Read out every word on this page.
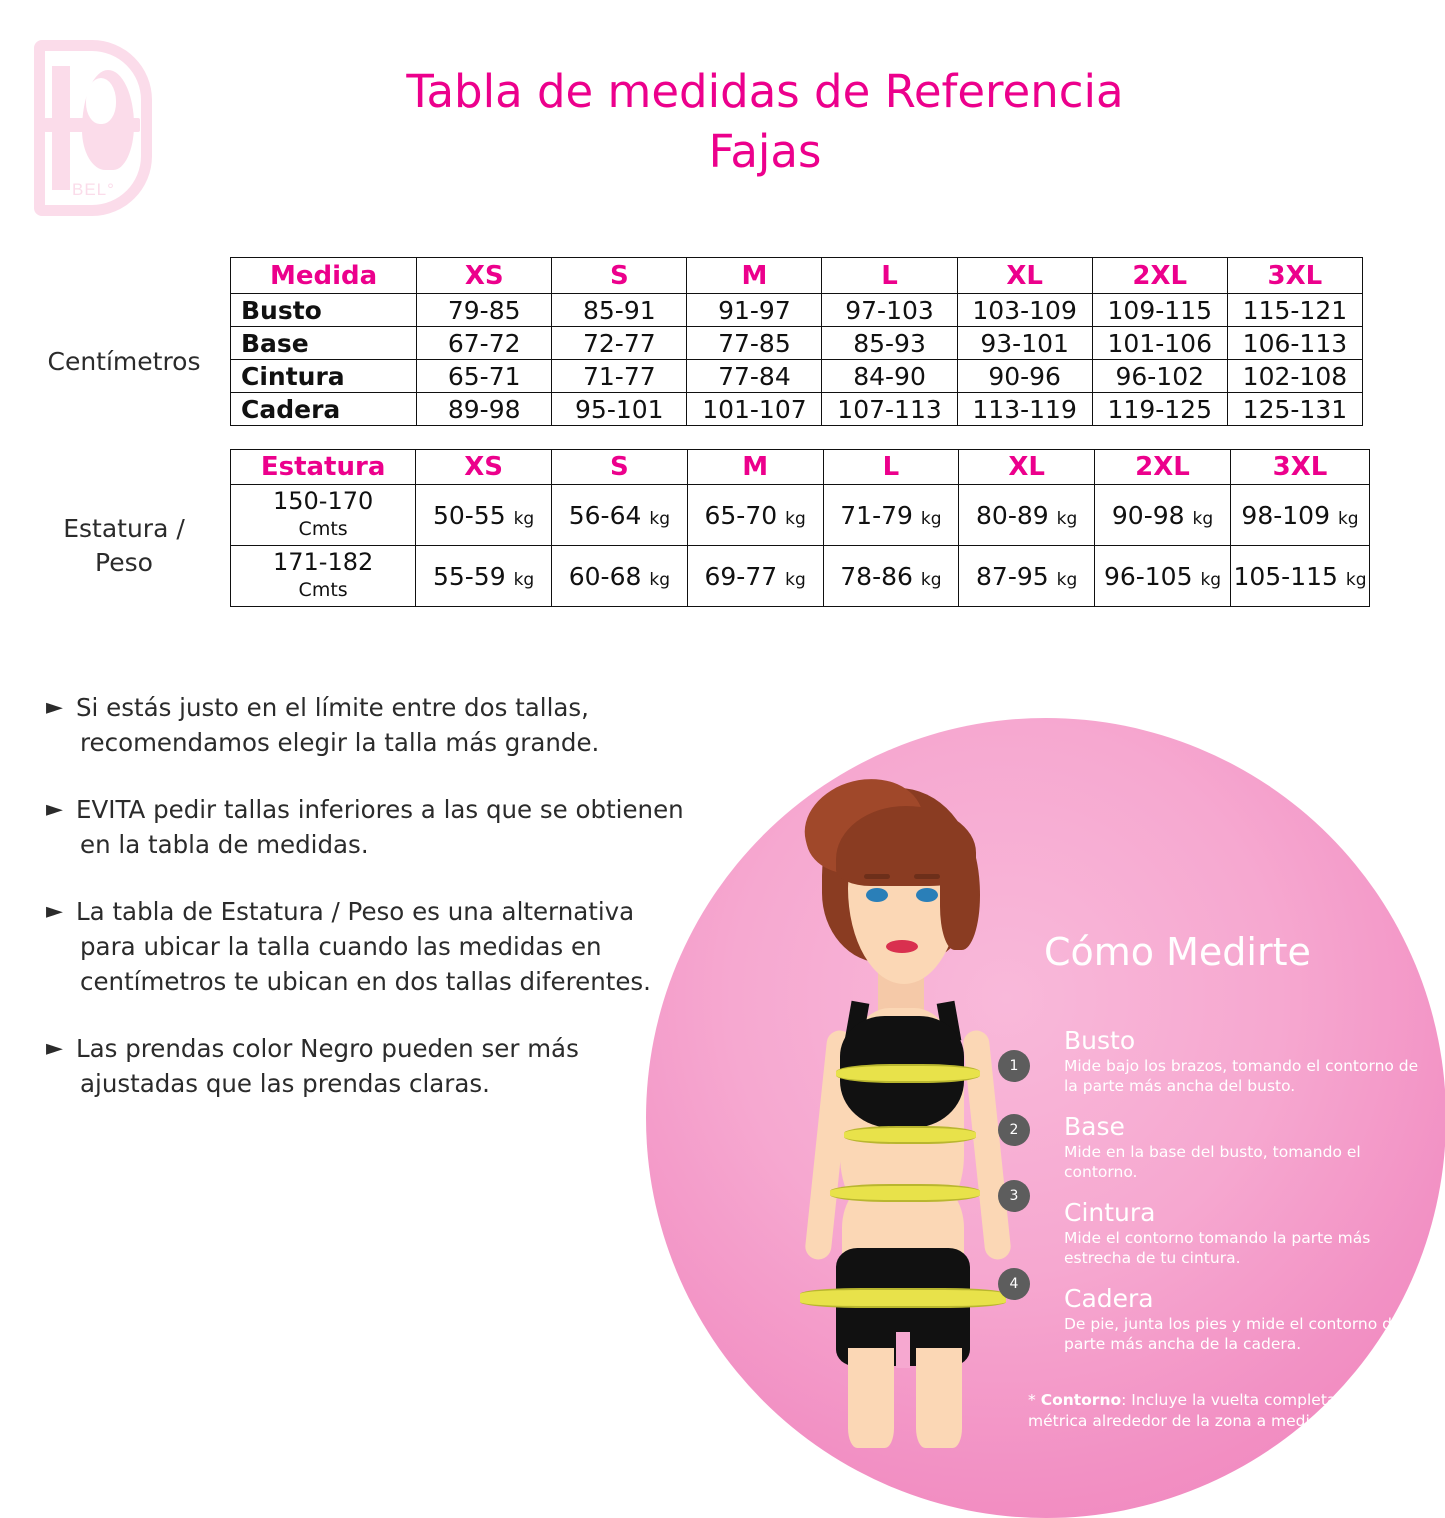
BEL°
Tabla de medidas de Referencia
Fajas
Centímetros
Estatura /
Peso
Medida	XS	S	M	L	XL	2XL	3XL
Busto	79-85	85-91	91-97	97-103	103-109	109-115	115-121
Base	67-72	72-77	77-85	85-93	93-101	101-106	106-113
Cintura	65-71	71-77	77-84	84-90	90-96	96-102	102-108
Cadera	89-98	95-101	101-107	107-113	113-119	119-125	125-131
Estatura	XS	S	M	L	XL	2XL	3XL
150-170
Cmts	50-55 kg	56-64 kg	65-70 kg	71-79 kg	80-89 kg	90-98 kg	98-109 kg
171-182
Cmts	55-59 kg	60-68 kg	69-77 kg	78-86 kg	87-95 kg	96-105 kg	105-115 kg
► Si estás justo en el límite entre dos tallas,
recomendamos elegir la talla más grande.
► EVITA pedir tallas inferiores a las que se obtienen
en la tabla de medidas.
► La tabla de Estatura / Peso es una alternativa
para ubicar la talla cuando las medidas en
centímetros te ubican en dos tallas diferentes.
► Las prendas color Negro pueden ser más
ajustadas que las prendas claras.
Cómo Medirte
1
2
3
4
Busto
Mide bajo los brazos, tomando el contorno de la parte más ancha del busto.
Base
Mide en la base del busto, tomando el contorno.
Cintura
Mide el contorno tomando la parte más estrecha de tu cintura.
Cadera
De pie, junta los pies y mide el contorno de la parte más ancha de la cadera.
* Contorno: Incluye la vuelta completa de la cinta métrica alrededor de la zona a medir
